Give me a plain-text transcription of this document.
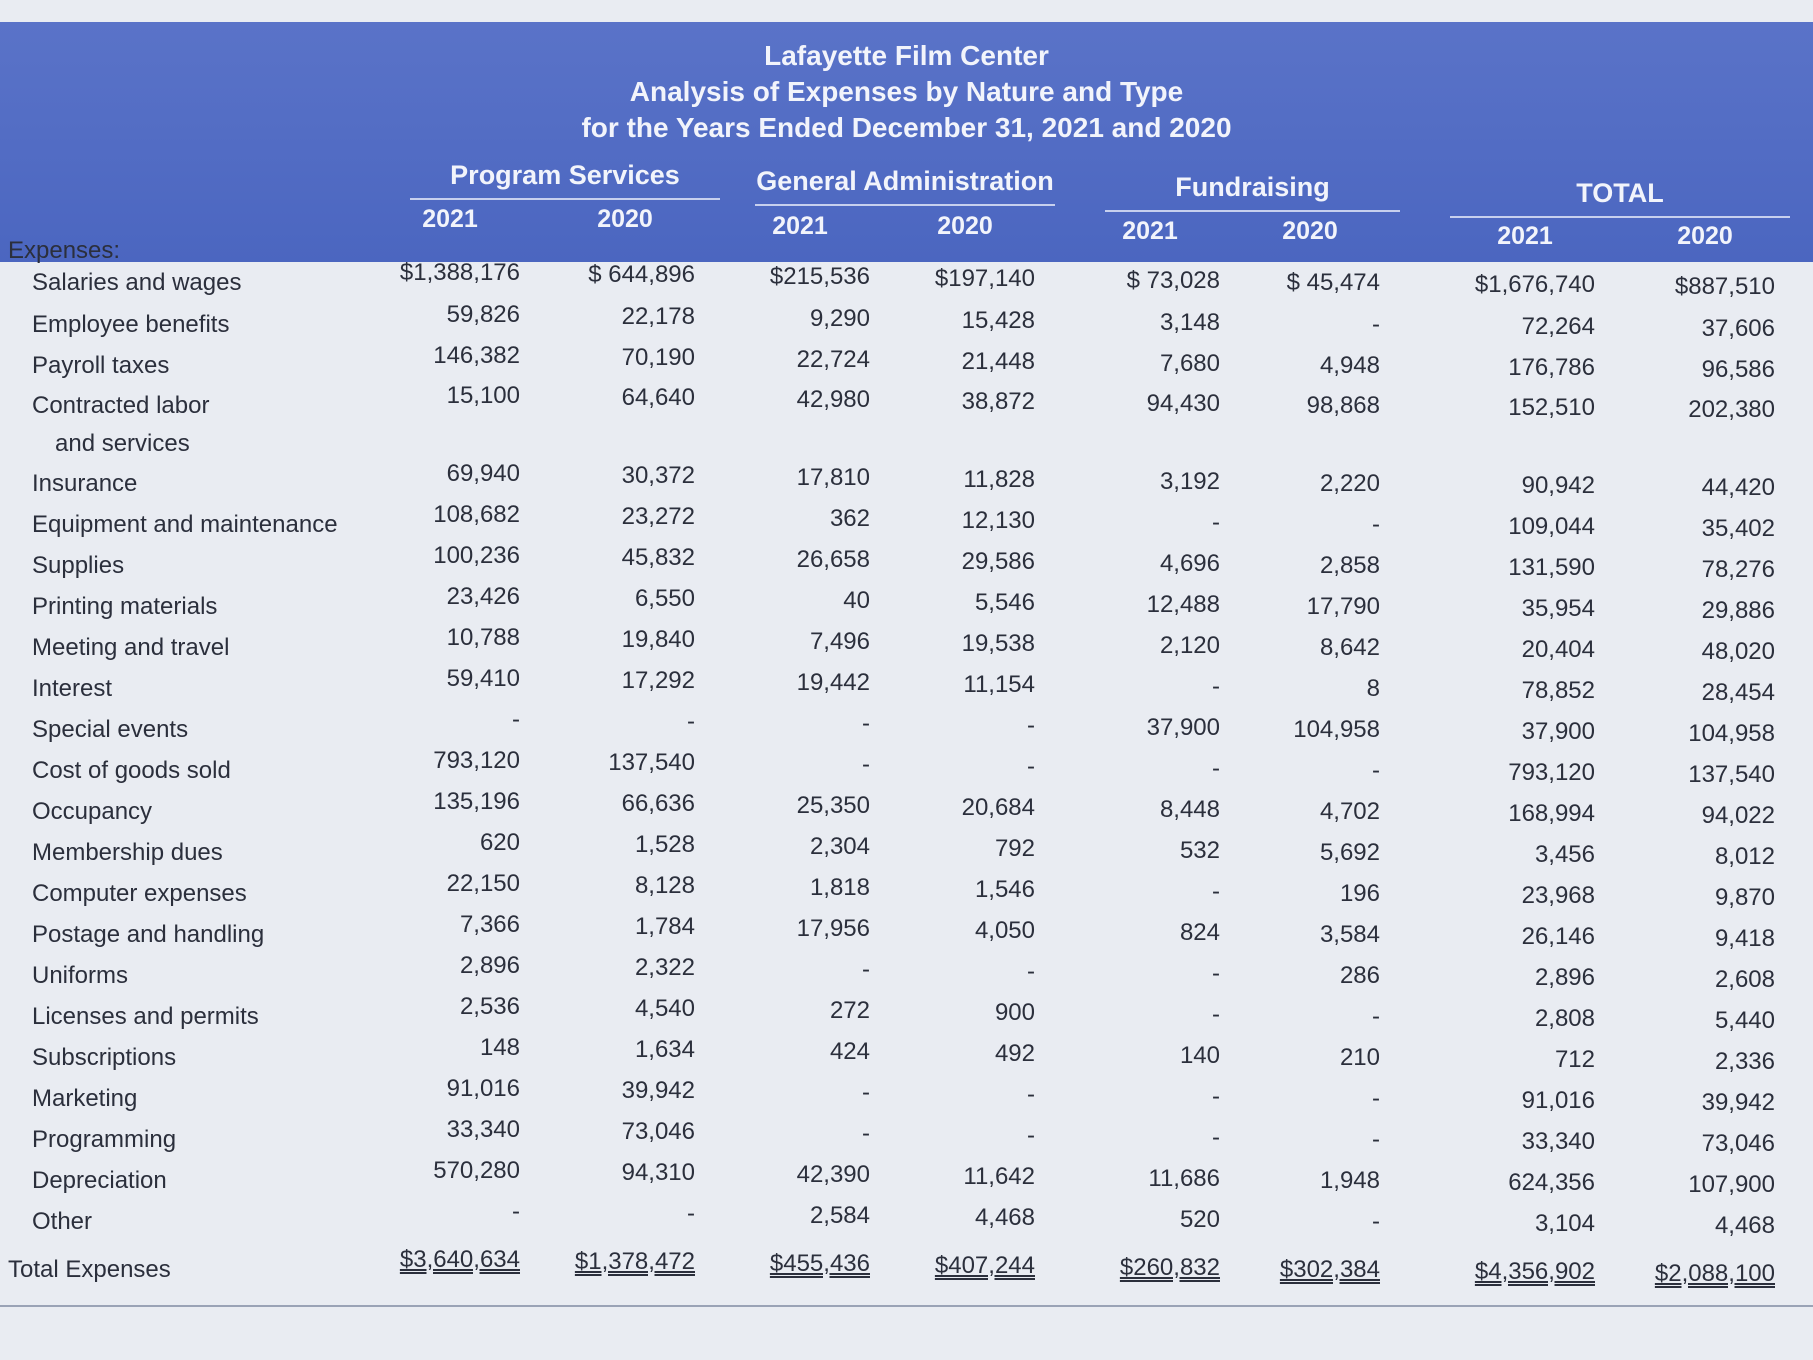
Lafayette Film Center
Analysis of Expenses by Nature and Type
for the Years Ended December 31, 2021 and 2020
Program Services	General Administration	Fundraising	TOTAL
2021	2020	2021	2020	2021	2020	2021	2020
Expenses:
Salaries and wages	$1,388,176	$ 644,896	$215,536	$197,140	$ 73,028	$ 45,474	$1,676,740	$887,510
Employee benefits	59,826	22,178	9,290	15,428	3,148	-	72,264	37,606
Payroll taxes	146,382	70,190	22,724	21,448	7,680	4,948	176,786	96,586
Contracted labor
and services
15,100	64,640	42,980	38,872	94,430	98,868	152,510	202,380
Insurance	69,940	30,372	17,810	11,828	3,192	2,220	90,942	44,420
Equipment and maintenance	108,682	23,272	362	12,130	-	-	109,044	35,402
Supplies	100,236	45,832	26,658	29,586	4,696	2,858	131,590	78,276
Printing materials	23,426	6,550	40	5,546	12,488	17,790	35,954	29,886
Meeting and travel	10,788	19,840	7,496	19,538	2,120	8,642	20,404	48,020
Interest	59,410	17,292	19,442	11,154	-	8	78,852	28,454
Special events	-	-	-	-	37,900	104,958	37,900	104,958
Cost of goods sold	793,120	137,540	-	-	-	-	793,120	137,540
Occupancy	135,196	66,636	25,350	20,684	8,448	4,702	168,994	94,022
Membership dues	620	1,528	2,304	792	532	5,692	3,456	8,012
Computer expenses	22,150	8,128	1,818	1,546	-	196	23,968	9,870
Postage and handling	7,366	1,784	17,956	4,050	824	3,584	26,146	9,418
Uniforms	2,896	2,322	-	-	-	286	2,896	2,608
Licenses and permits	2,536	4,540	272	900	-	-	2,808	5,440
Subscriptions	148	1,634	424	492	140	210	712	2,336
Marketing	91,016	39,942	-	-	-	-	91,016	39,942
Programming	33,340	73,046	-	-	-	-	33,340	73,046
Depreciation	570,280	94,310	42,390	11,642	11,686	1,948	624,356	107,900
Other	-	-	2,584	4,468	520	-	3,104	4,468
Total Expenses	$3,640,634	$1,378,472	$455,436	$407,244	$260,832	$302,384	$4,356,902	$2,088,100
